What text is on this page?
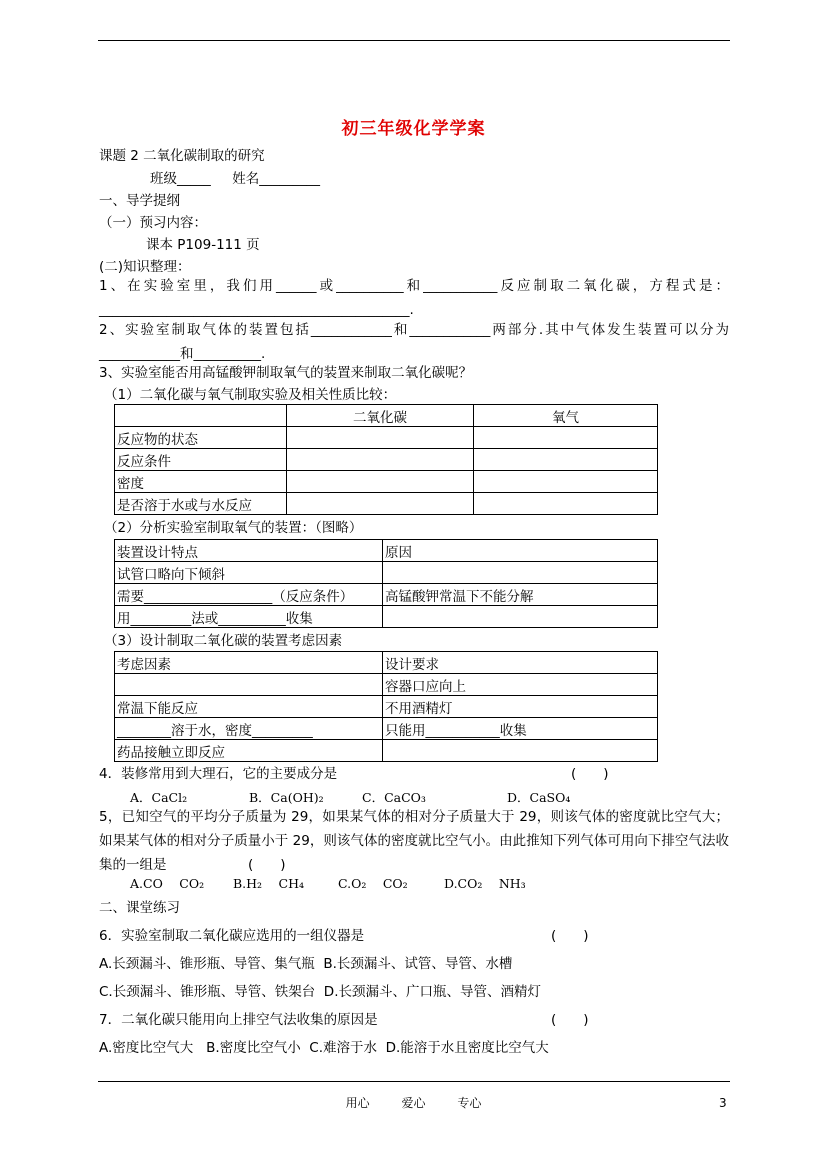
初三年级化学学案
课题 2 二氧化碳制取的研究
班级_____     姓名_________
一、导学提纲
（一）预习内容：
课本 P109-111 页
(二)知识整理：
1、在实验室里，我们用______或__________和___________反应制取二氧化碳，方程式是：______________________________________________.
2、实验室制取气体的装置包括____________和____________两部分.其中气体发生装置可以分为____________和__________.
3、实验室能否用高锰酸钾制取氧气的装置来制取二氧化碳呢？
（1）二氧化碳与氧气制取实验及相关性质比较：
	二氧化碳	氧气
反应物的状态		
反应条件		
密度		
是否溶于水或与水反应		
（2）分析实验室制取氧气的装置：（图略）
装置设计特点	原因
试管口略向下倾斜	
需要___________________（反应条件）	高锰酸钾常温下不能分解
用_________法或__________收集	
（3）设计制取二氧化碳的装置考虑因素
考虑因素	设计要求
	容器口应向上
常温下能反应	不用酒精灯
________溶于水，密度_________	只能用___________收集
药品接触立即反应	
4．装修常用到大理石，它的主要成分是	(　　)
A．CaCl₂	B．Ca(OH)₂	C．CaCO₃	D．CaSO₄
5，已知空气的平均分子质量为 29，如果某气体的相对分子质量大于 29，则该气体的密度就比空气大；如果某气体的相对分子质量小于 29，则该气体的密度就比空气小。由此推知下列气体可用向下排空气法收集的一组是                   (　　)
A.CO　 CO₂ B.H₂　 CH₄	C.O₂　 CO₂	D.CO₂　 NH₃
二、课堂练习
6．实验室制取二氧化碳应选用的一组仪器是	(　　)
A.长颈漏斗、锥形瓶、导管、集气瓶  B.长颈漏斗、试管、导管、水槽
C.长颈漏斗、锥形瓶、导管、铁架台  D.长颈漏斗、广口瓶、导管、酒精灯
7．二氧化碳只能用向上排空气法收集的原因是	(　　)
A.密度比空气大   B.密度比空气小  C.难溶于水  D.能溶于水且密度比空气大
用心	爱心	专心	3
